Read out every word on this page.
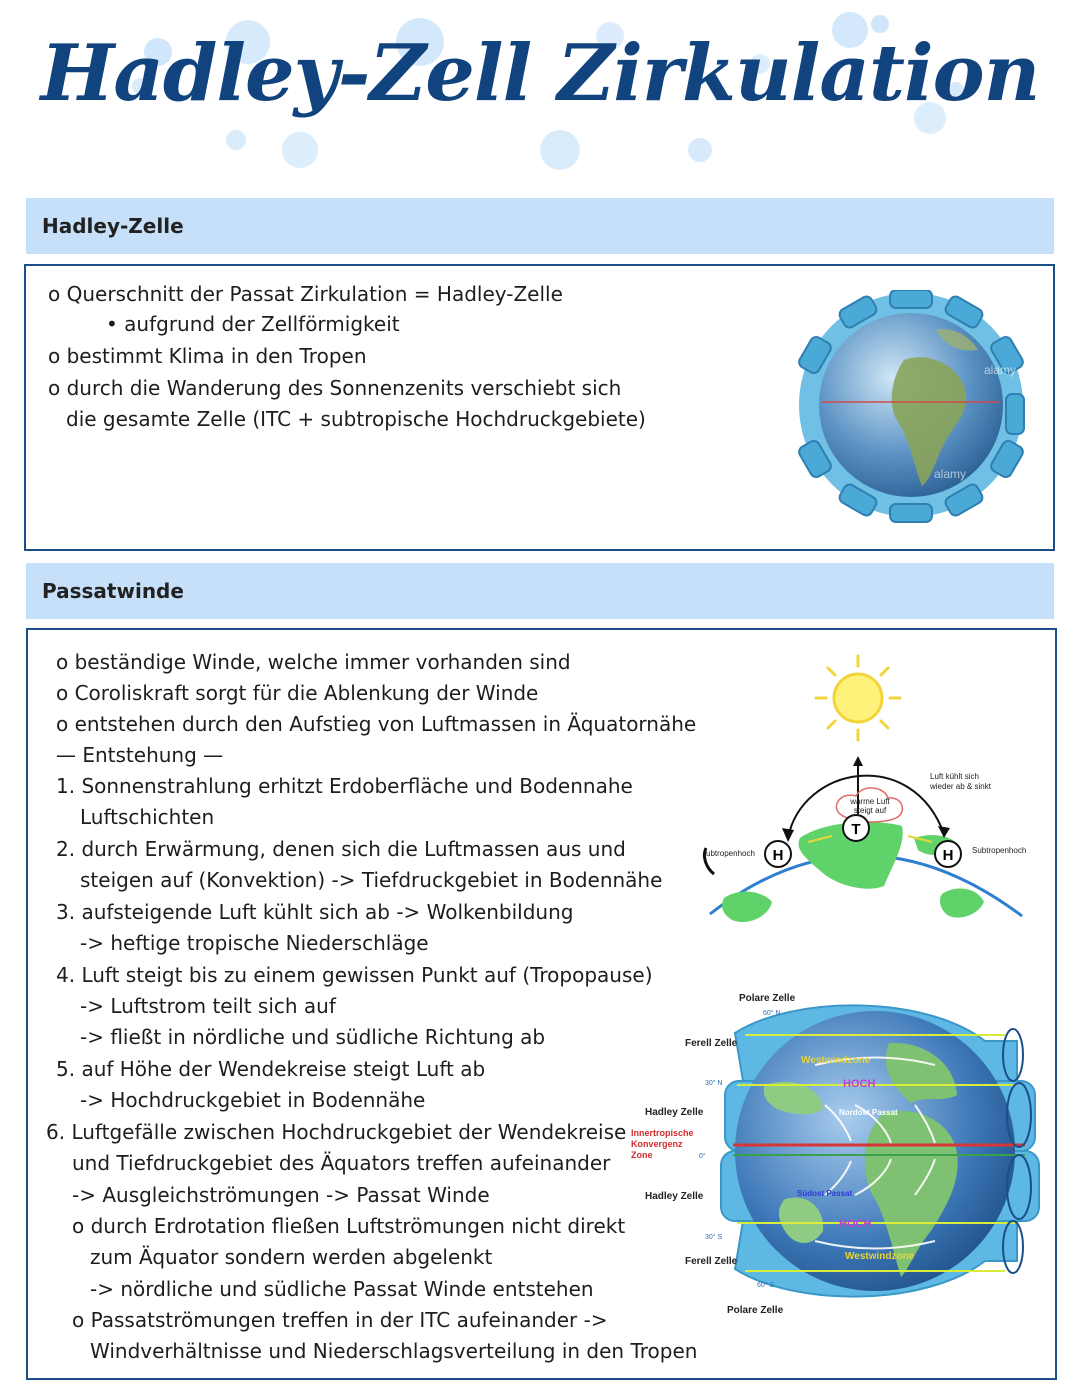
Hadley-Zell Zirkulation
Hadley-Zelle
o Querschnitt der Passat Zirkulation = Hadley-Zelle
• aufgrund der Zellförmigkeit
o bestimmt Klima in den Tropen
o durch die Wanderung des Sonnenzenits verschiebt sich
die gesamte Zelle (ITC + subtropische Hochdruckgebiete)
alamy
alamy
Passatwinde
o beständige Winde, welche immer vorhanden sind
o Coroliskraft sorgt für die Ablenkung der Winde
o entstehen durch den Aufstieg von Luftmassen in Äquatornähe
— Entstehung —
1. Sonnenstrahlung erhitzt Erdoberfläche und Bodennahe
Luftschichten
2. durch Erwärmung, denen sich die Luftmassen aus und
steigen auf (Konvektion) -> Tiefdruckgebiet in Bodennähe
3. aufsteigende Luft kühlt sich ab -> Wolkenbildung
-> heftige tropische Niederschläge
4. Luft steigt bis zu einem gewissen Punkt auf (Tropopause)
-> Luftstrom teilt sich auf
-> fließt in nördliche und südliche Richtung ab
5. auf Höhe der Wendekreise steigt Luft ab
-> Hochdruckgebiet in Bodennähe
6. Luftgefälle zwischen Hochdruckgebiet der Wendekreise
und Tiefdruckgebiet des Äquators treffen aufeinander
-> Ausgleichströmungen -> Passat Winde
o durch Erdrotation fließen Luftströmungen nicht direkt
zum Äquator sondern werden abgelenkt
-> nördliche und südliche Passat Winde entstehen
o Passatströmungen treffen in der ITC aufeinander ->
Windverhältnisse und Niederschlagsverteilung in den Tropen
warme Luft
steigt auf
T
H	H
ubtropenhoch	Subtropenhoch
Luft kühlt sich
wieder ab & sinkt
Polare Zelle
60° N
Ferell Zelle
30° N
Hadley Zelle
Innertropische
Konvergenz
Zone	0°
Hadley Zelle
30° S
Ferell Zelle
60° S
Polare Zelle
Westwindzone
HOCH
Nordost Passat
Südost Passat
HOCH
Westwindzone
